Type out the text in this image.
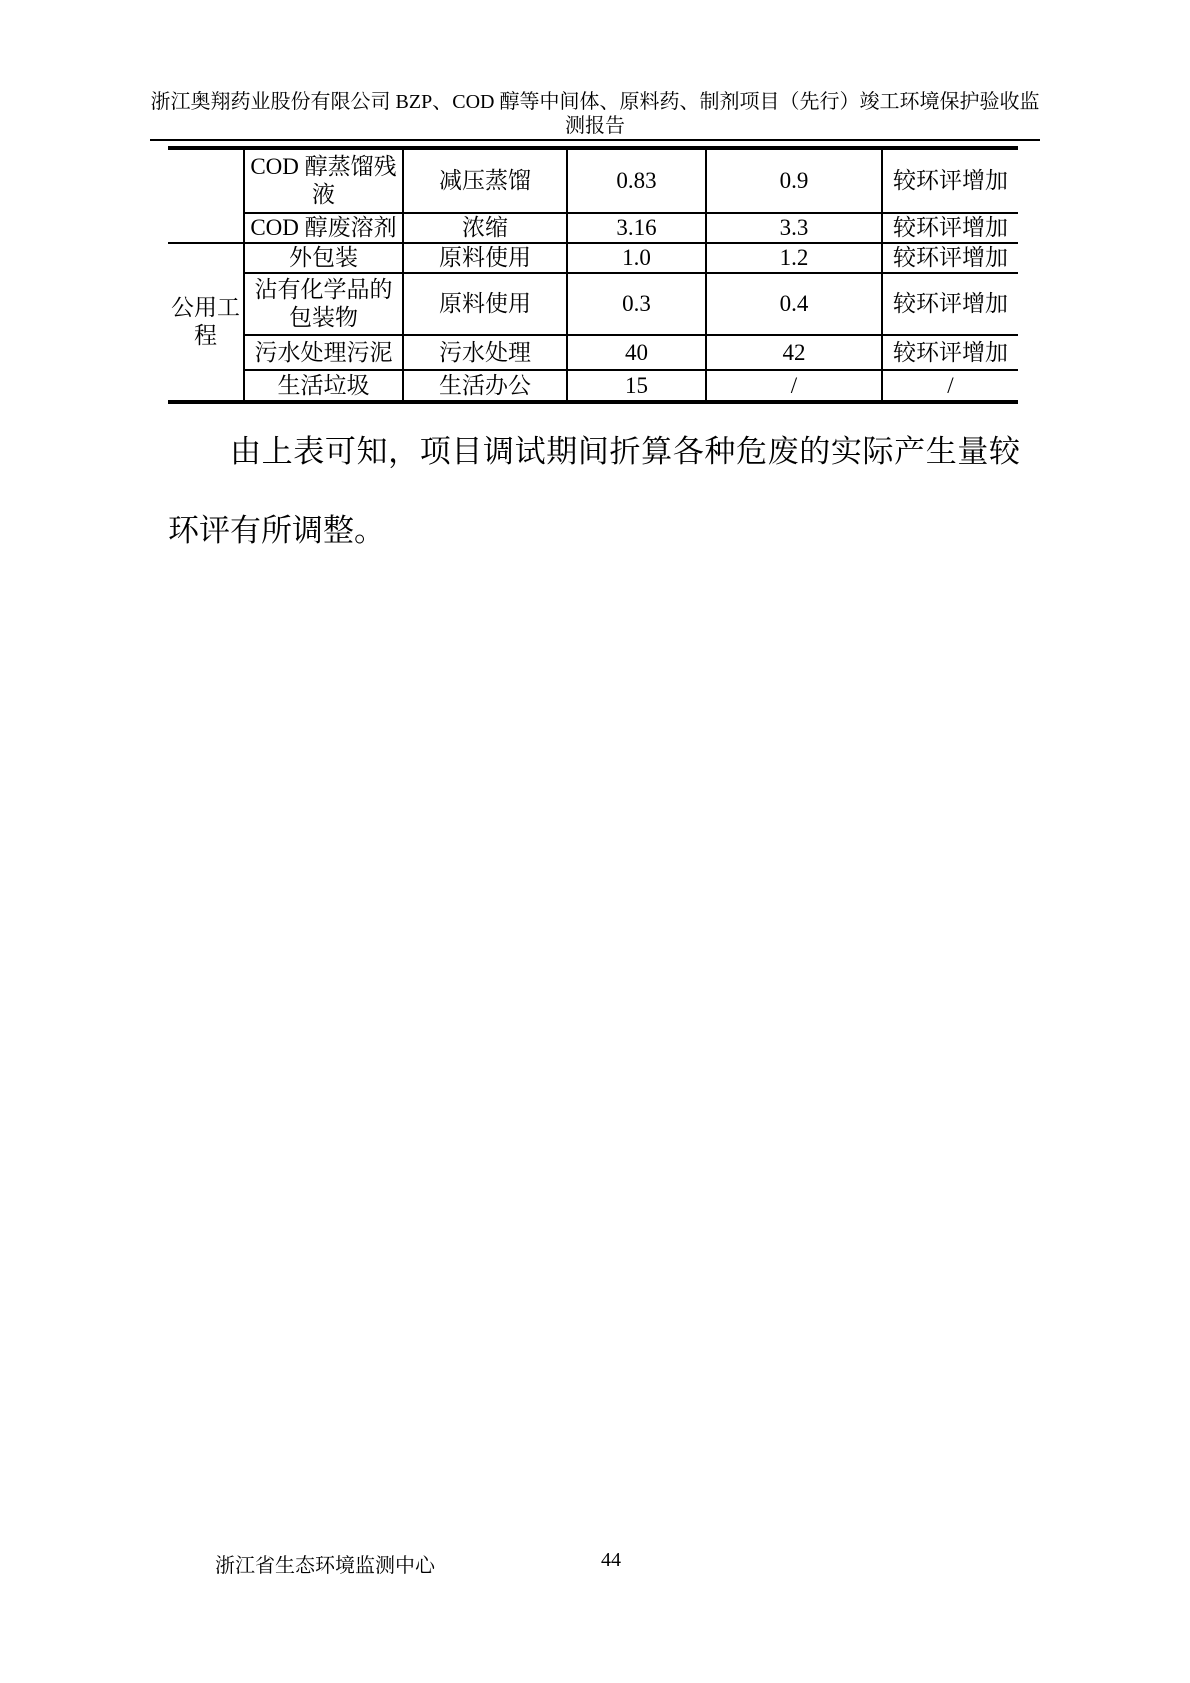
浙江奥翔药业股份有限公司 BZP、COD 醇等中间体、原料药、制剂项目（先行）竣工环境保护验收监测报告
	COD 醇蒸馏残液	减压蒸馏	0.83	0.9	较环评增加
	COD 醇废溶剂	浓缩	3.16	3.3	较环评增加
公用工程	外包装	原料使用	1.0	1.2	较环评增加
	沾有化学品的包装物	原料使用	0.3	0.4	较环评增加
	污水处理污泥	污水处理	40	42	较环评增加
	生活垃圾	生活办公	15	/	/
由上表可知，项目调试期间折算各种危废的实际产生量较环评有所调整。
浙江省生态环境监测中心	44
